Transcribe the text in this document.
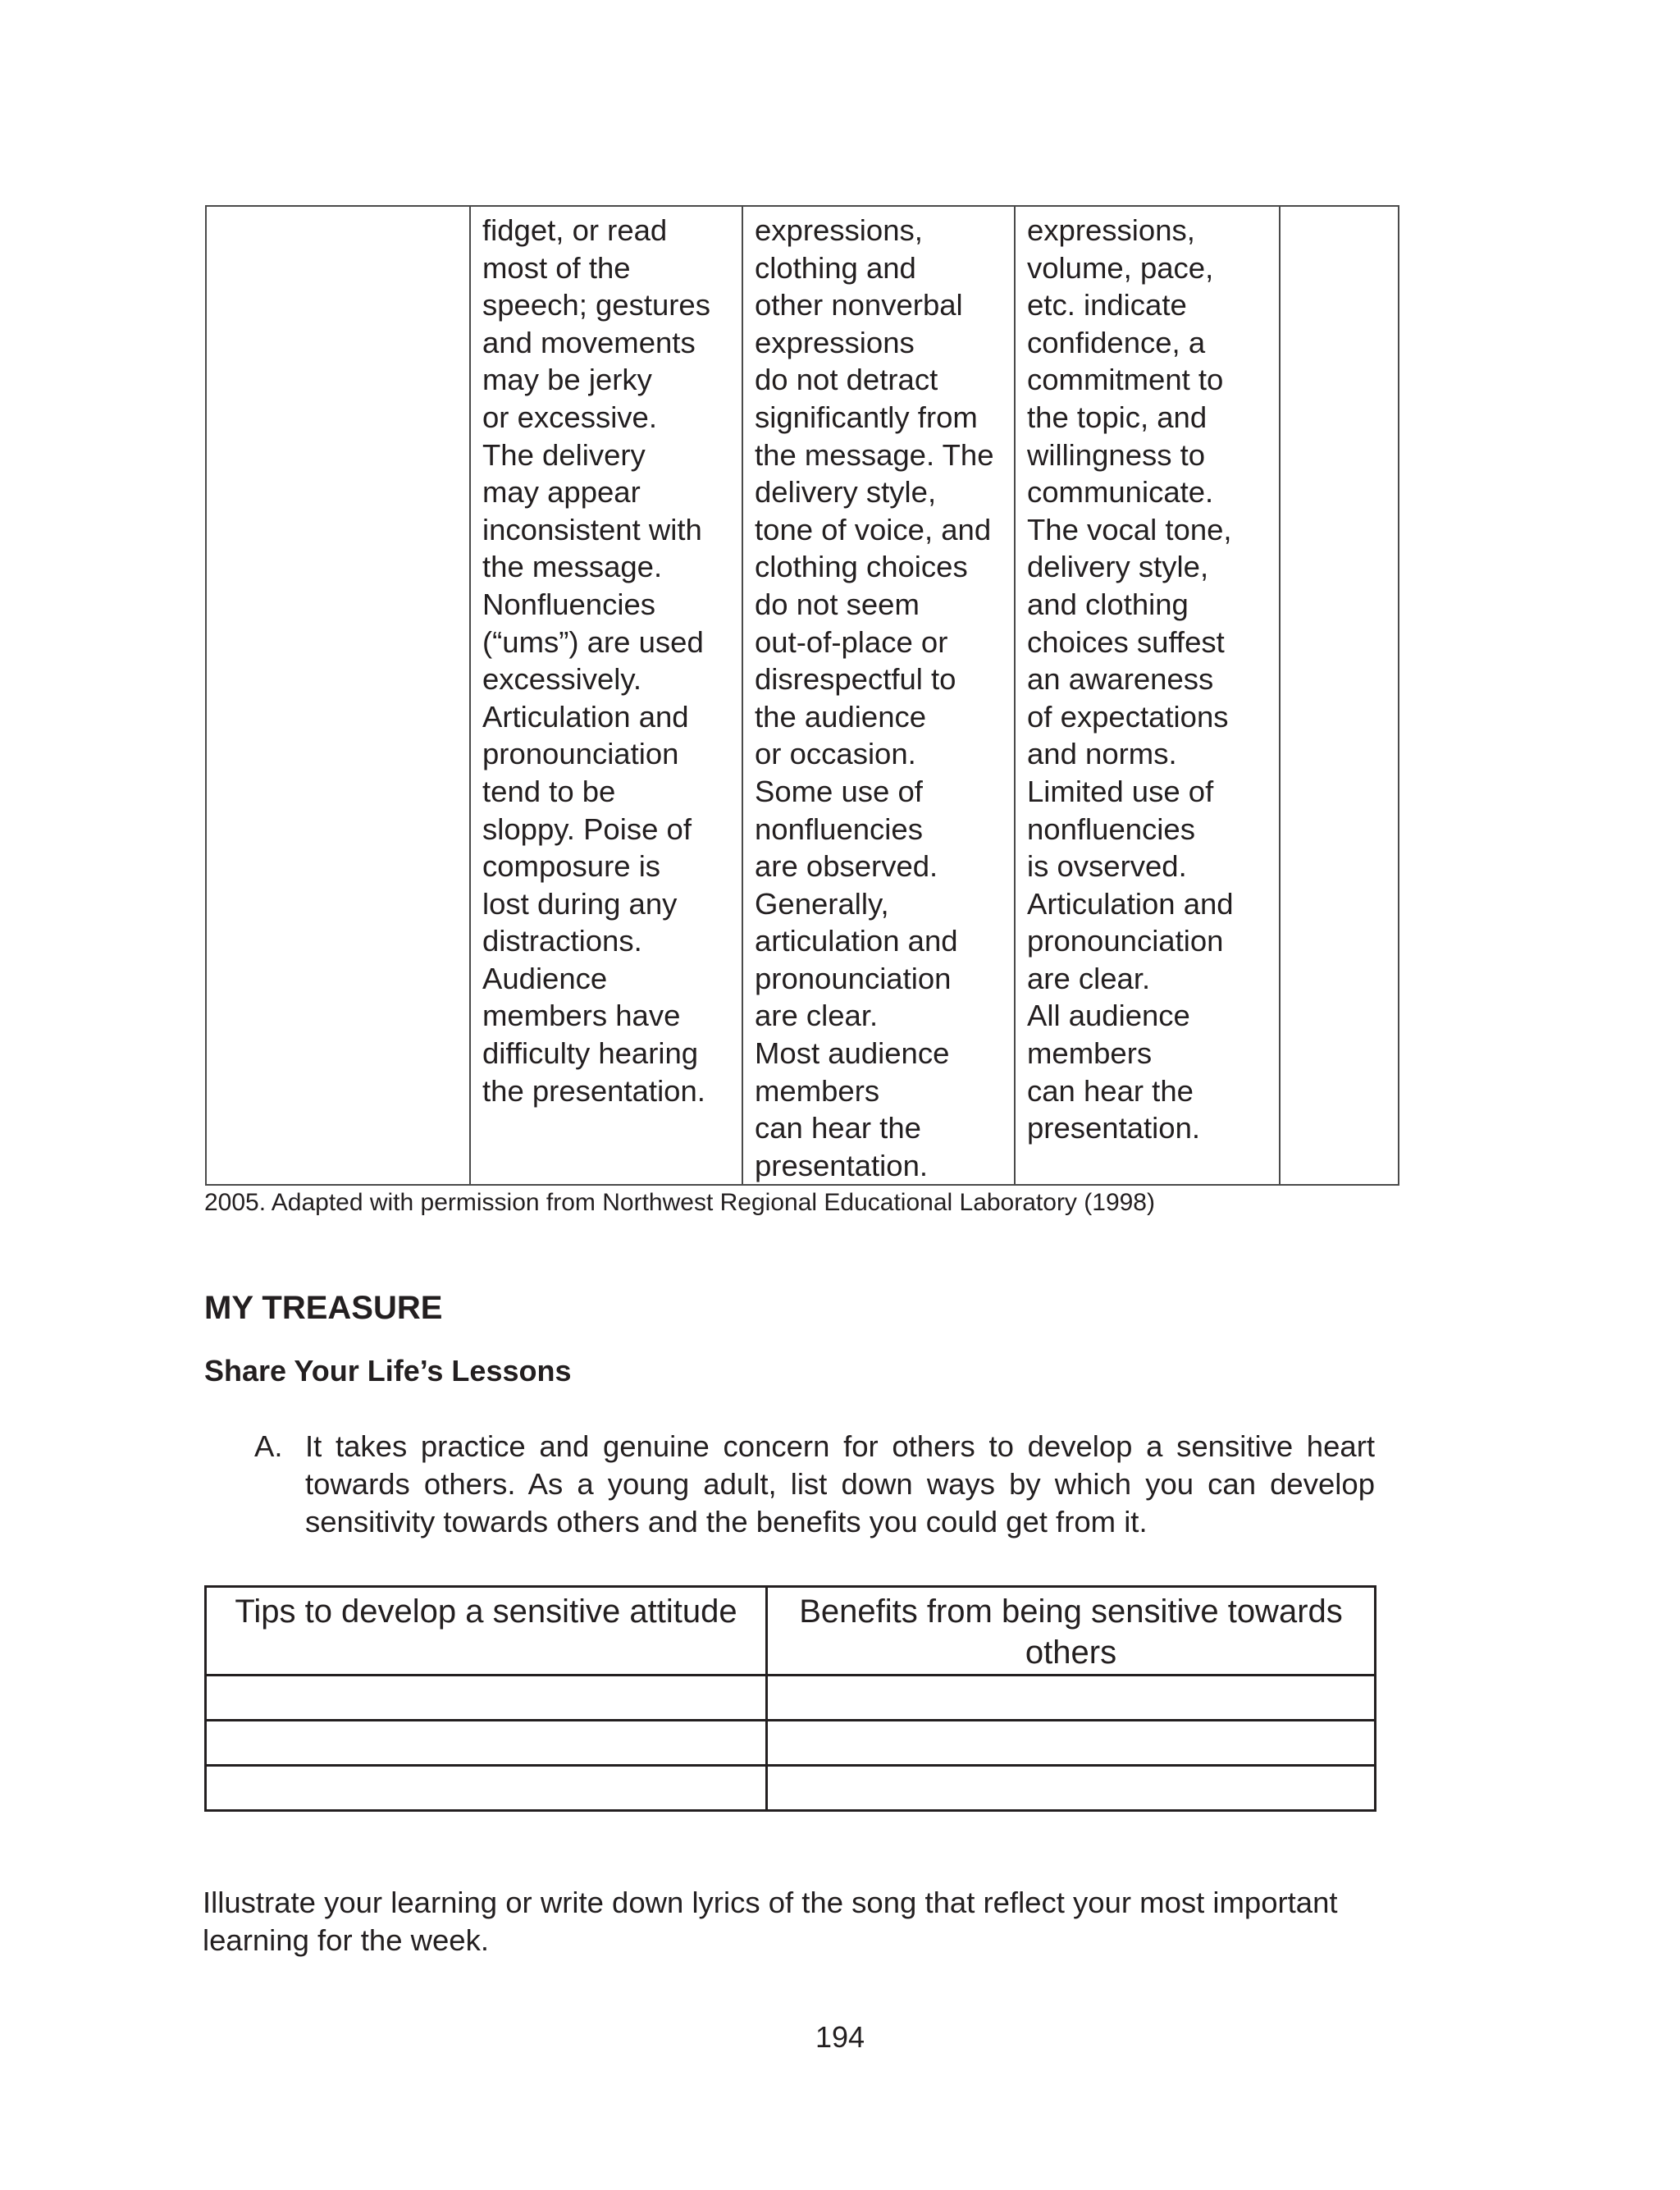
	fidget, or read
most of the
speech; gestures
and movements
may be jerky
or excessive.
The delivery
may appear
inconsistent with
the message.
Nonfluencies
(“ums”) are used
excessively.
Articulation and
pronounciation
tend to be
sloppy. Poise of
composure is
lost during any
distractions.
Audience
members have
difficulty hearing
the presentation.	expressions,
clothing and
other nonverbal
expressions
do not detract
significantly from
the message. The
delivery style,
tone of voice, and
clothing choices
do not seem
out-of-place or
disrespectful to
the audience
or occasion.
Some use of
nonfluencies
are observed.
Generally,
articulation and
pronounciation
are clear.
Most audience
members
can hear the
presentation.	expressions,
volume, pace,
etc. indicate
confidence, a
commitment to
the topic, and
willingness to
communicate.
The vocal tone,
delivery style,
and clothing
choices suffest
an awareness
of expectations
and norms.
Limited use of
nonfluencies
is ovserved.
Articulation and
pronounciation
are clear.
All audience
members
can hear the
presentation.	
2005. Adapted with permission from Northwest Regional Educational Laboratory (1998)
MY TREASURE
Share Your Life’s Lessons
A. It takes practice and genuine concern for others to develop a sensitive heart towards others. As a young adult, list down ways by which you can develop sensitivity towards others and the benefits you could get from it.
Tips to develop a sensitive attitude	Benefits from being sensitive towards others

Illustrate your learning or write down lyrics of the song that reflect your most important learning for the week.
194
